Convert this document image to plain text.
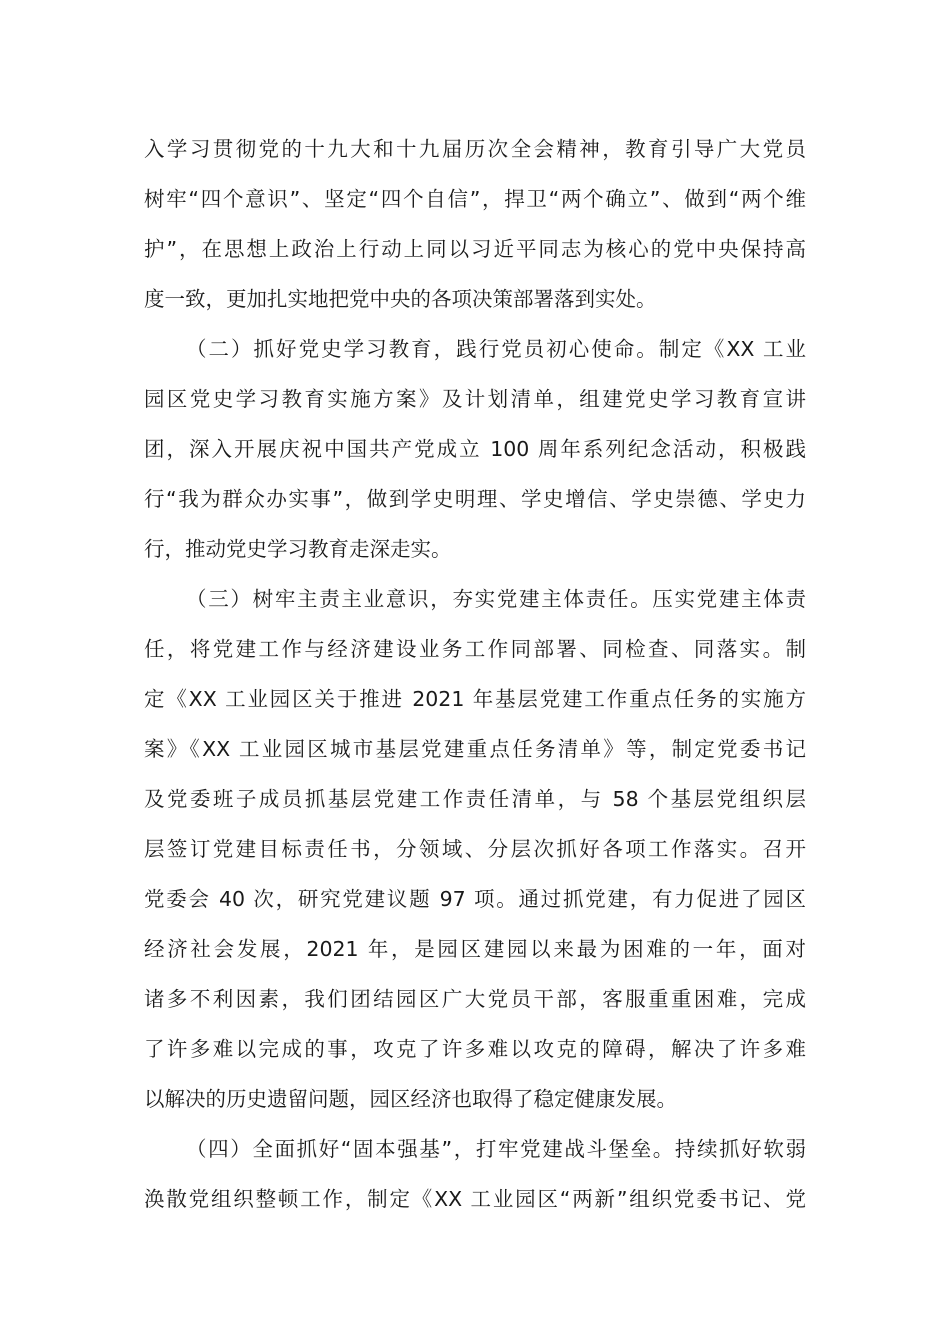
入学习贯彻党的十九大和十九届历次全会精神，教育引导广大党员
树牢“四个意识”、坚定“四个自信”，捍卫“两个确立”、做到“两个维
护”，在思想上政治上行动上同以习近平同志为核心的党中央保持高
度一致，更加扎实地把党中央的各项决策部署落到实处。
（二）抓好党史学习教育，践行党员初心使命。制定《XX 工业
园区党史学习教育实施方案》及计划清单，组建党史学习教育宣讲
团，深入开展庆祝中国共产党成立 100 周年系列纪念活动，积极践
行“我为群众办实事”，做到学史明理、学史增信、学史崇德、学史力
行，推动党史学习教育走深走实。
（三）树牢主责主业意识，夯实党建主体责任。压实党建主体责
任，将党建工作与经济建设业务工作同部署、同检查、同落实。制
定《XX 工业园区关于推进 2021 年基层党建工作重点任务的实施方
案》《XX 工业园区城市基层党建重点任务清单》等，制定党委书记
及党委班子成员抓基层党建工作责任清单，与 58 个基层党组织层
层签订党建目标责任书，分领域、分层次抓好各项工作落实。召开
党委会 40 次，研究党建议题 97 项。通过抓党建，有力促进了园区
经济社会发展，2021 年，是园区建园以来最为困难的一年，面对
诸多不利因素，我们团结园区广大党员干部，客服重重困难，完成
了许多难以完成的事，攻克了许多难以攻克的障碍，解决了许多难
以解决的历史遗留问题，园区经济也取得了稳定健康发展。
（四）全面抓好“固本强基”，打牢党建战斗堡垒。持续抓好软弱
涣散党组织整顿工作，制定《XX 工业园区“两新”组织党委书记、党
